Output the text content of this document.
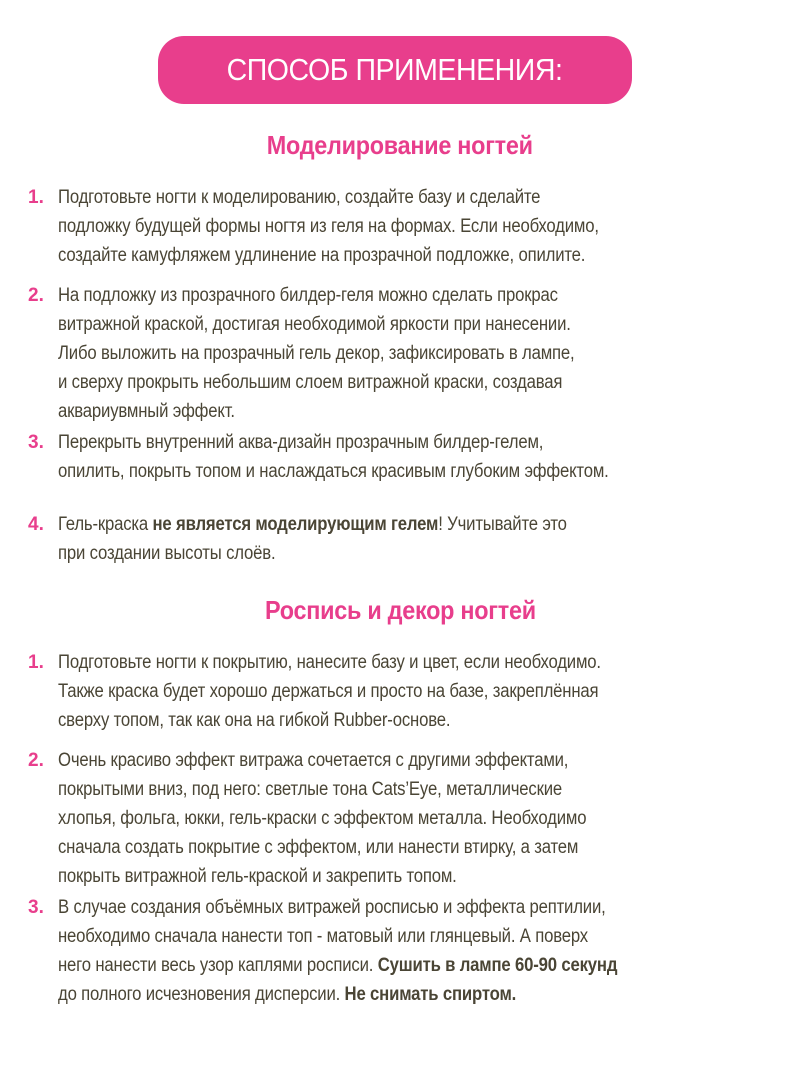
СПОСОБ ПРИМЕНЕНИЯ:
Моделирование ногтей
1. Подготовьте ногти к моделированию, создайте базу и сделайте
подложку будущей формы ногтя из геля на формах. Если необходимо,
создайте камуфляжем удлинение на прозрачной подложке, опилите.
2. На подложку из прозрачного билдер-геля можно сделать прокрас
витражной краской, достигая необходимой яркости при нанесении.
Либо выложить на прозрачный гель декор, зафиксировать в лампе,
и сверху прокрыть небольшим слоем витражной краски, создавая
аквариувмный эффект.
3. Перекрыть внутренний аква-дизайн прозрачным билдер-гелем,
опилить, покрыть топом и наслаждаться красивым глубоким эффектом.
4. Гель-краска не является моделирующим гелем! Учитывайте это
при создании высоты слоёв.
Роспись и декор ногтей
1. Подготовьте ногти к покрытию, нанесите базу и цвет, если необходимо.
Также краска будет хорошо держаться и просто на базе, закреплённая
сверху топом, так как она на гибкой Rubber-основе.
2. Очень красиво эффект витража сочетается с другими эффектами,
покрытыми вниз, под него: светлые тона Cats’Eye, металлические
хлопья, фольга, юкки, гель-краски с эффектом металла. Необходимо
сначала создать покрытие с эффектом, или нанести втирку, а затем
покрыть витражной гель-краской и закрепить топом.
3. В случае создания объёмных витражей росписью и эффекта рептилии,
необходимо сначала нанести топ - матовый или глянцевый. А поверх
него нанести весь узор каплями росписи. Сушить в лампе 60-90 секунд
до полного исчезновения дисперсии. Не снимать спиртом.
